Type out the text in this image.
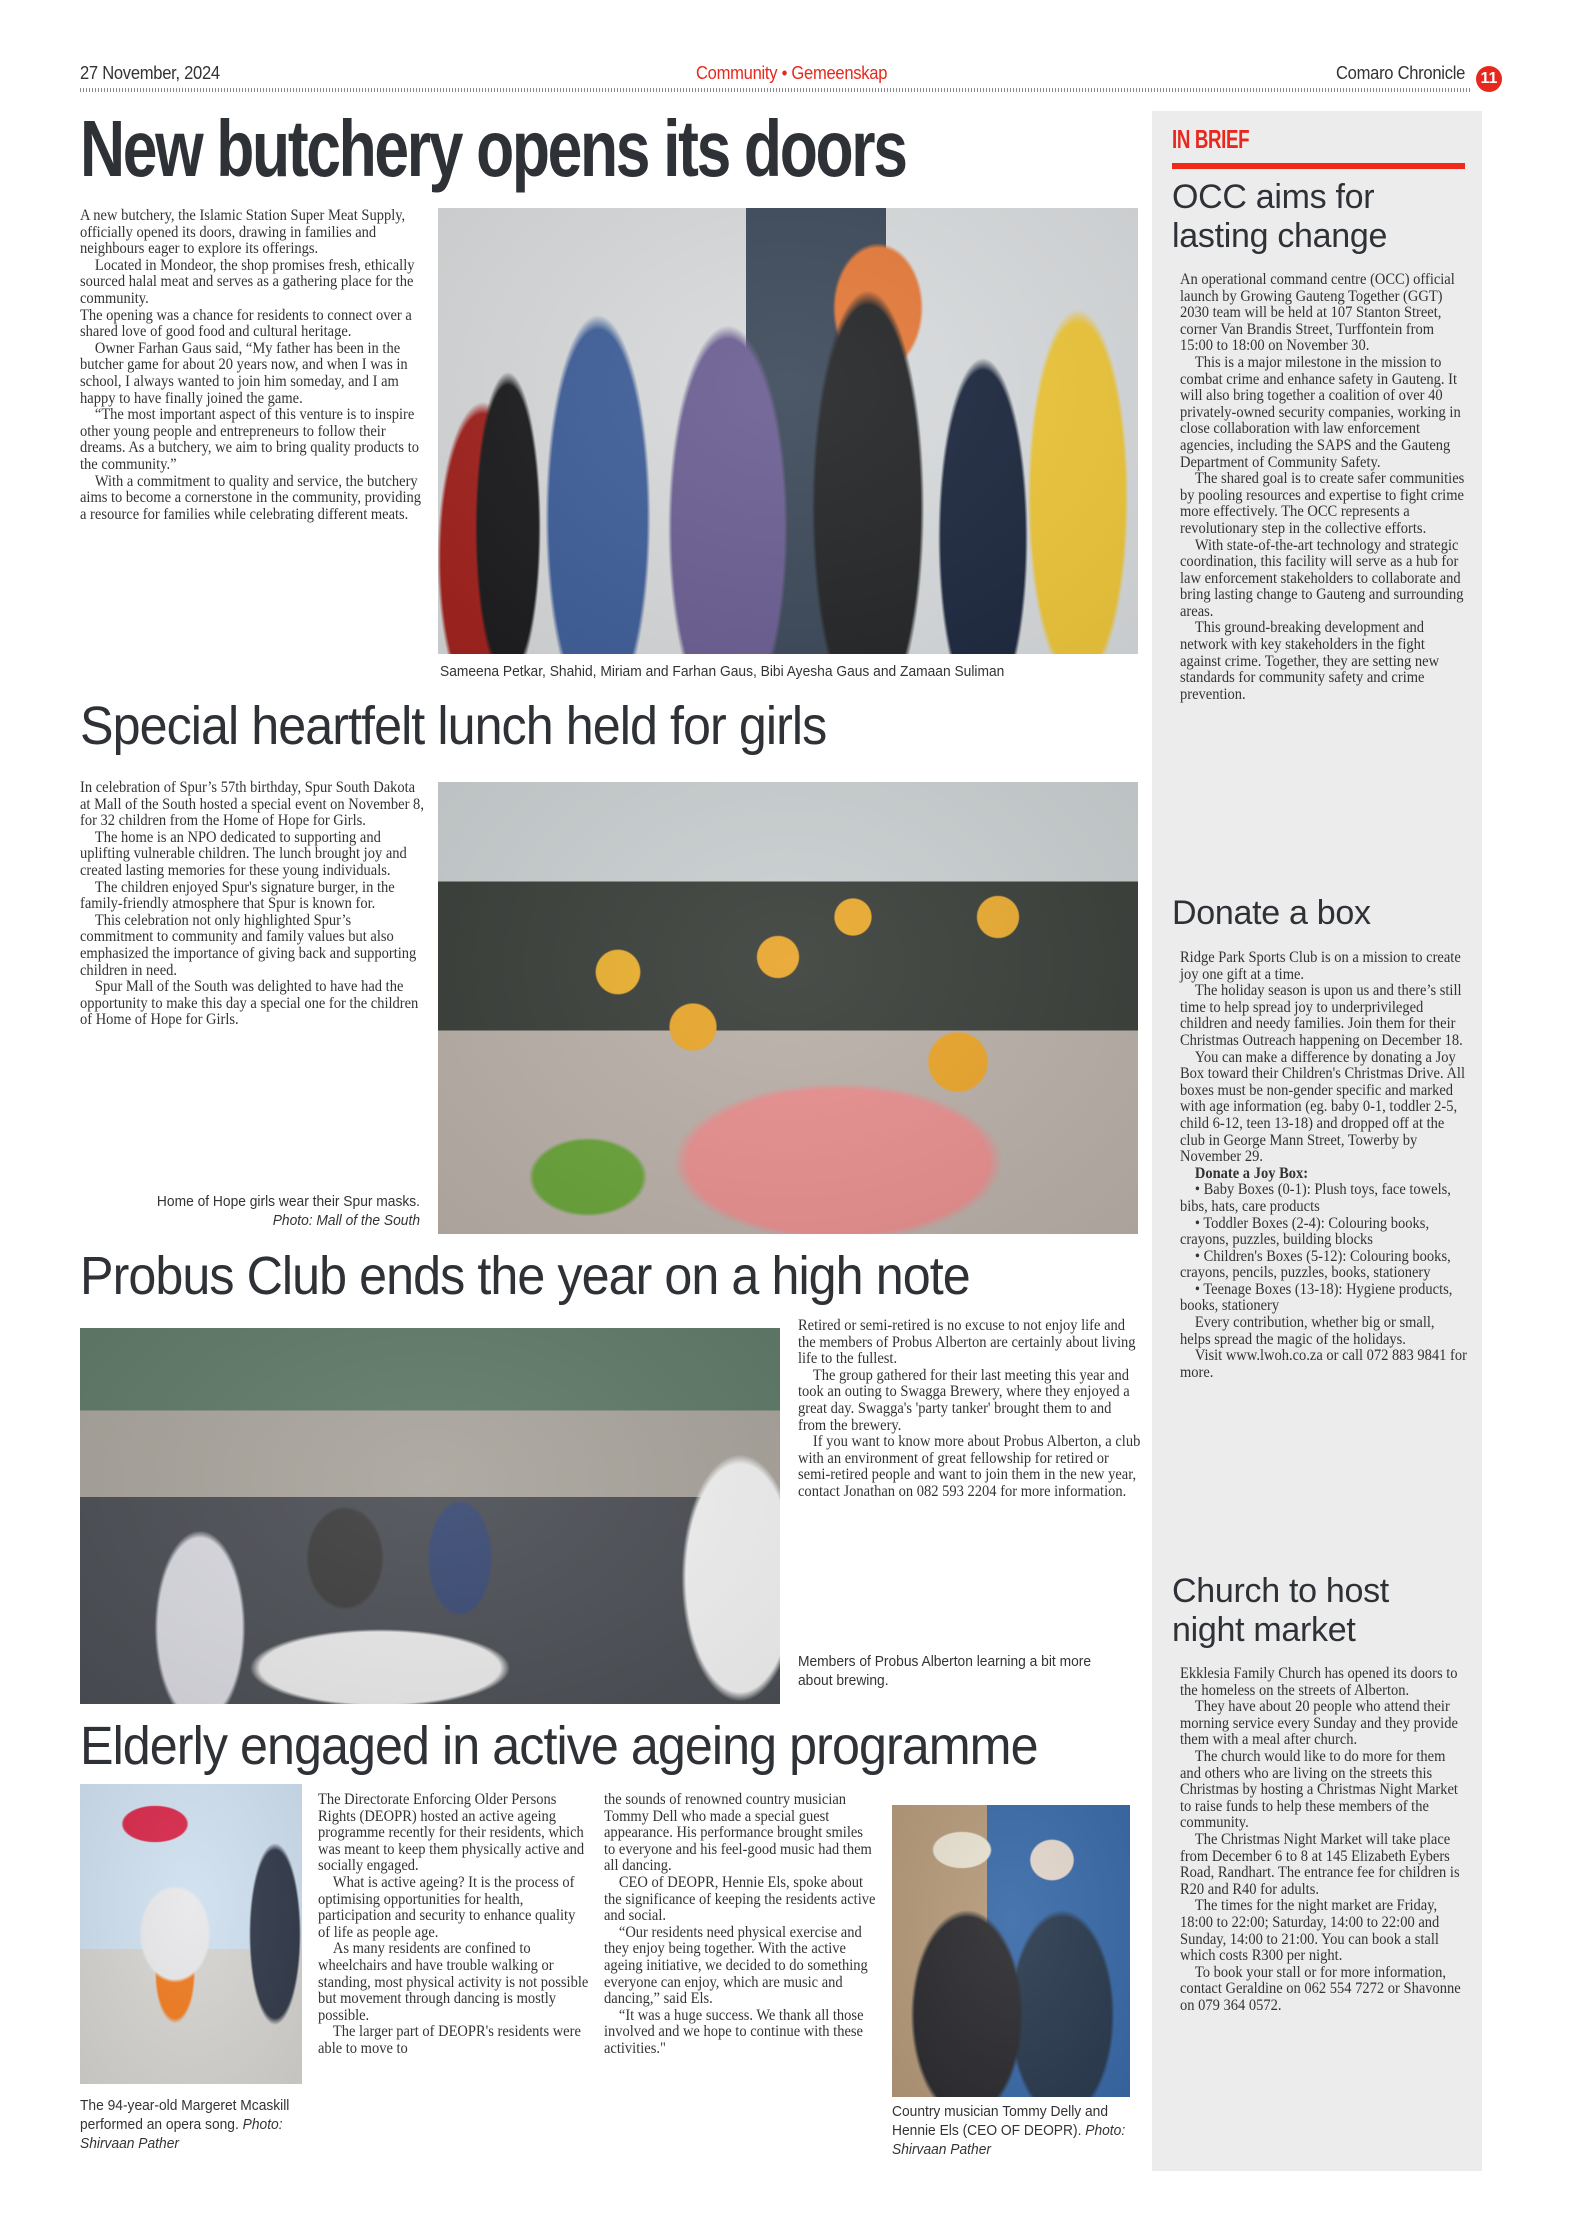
27 November, 2024	Community • Gemeenskap	Comaro Chronicle 11
New butchery opens its doors

A new butchery, the Islamic Station Super Meat Supply, officially opened its doors, drawing in families and neighbours eager to explore its offerings.

Located in Mondeor, the shop promises fresh, ethically sourced halal meat and serves as a gathering place for the community.

The opening was a chance for residents to connect over a shared love of good food and cultural heritage.

Owner Farhan Gaus said, “My father has been in the butcher game for about 20 years now, and when I was in school, I always wanted to join him someday, and I am happy to have finally joined the game.

“The most important aspect of this venture is to inspire other young people and entrepreneurs to follow their dreams. As a butchery, we aim to bring quality products to the community.”

With a commitment to quality and service, the butchery aims to become a cornerstone in the community, providing a resource for families while celebrating different meats.

Sameena Petkar, Shahid, Miriam and Farhan Gaus, Bibi Ayesha Gaus and Zamaan Suliman
Special heartfelt lunch held for girls

In celebration of Spur’s 57th birthday, Spur South Dakota at Mall of the South hosted a special event on November 8, for 32 children from the Home of Hope for Girls.

The home is an NPO dedicated to supporting and uplifting vulnerable children. The lunch brought joy and created lasting memories for these young individuals.

The children enjoyed Spur's signature burger, in the family-friendly atmosphere that Spur is known for.

This celebration not only highlighted Spur’s commitment to community and family values but also emphasized the importance of giving back and supporting children in need.

Spur Mall of the South was delighted to have had the opportunity to make this day a special one for the children of Home of Hope for Girls.

Home of Hope girls wear their Spur masks.
Photo: Mall of the South
Probus Club ends the year on a high note

Retired or semi-retired is no excuse to not enjoy life and the members of Probus Alberton are certainly about living life to the fullest.

The group gathered for their last meeting this year and took an outing to Swagga Brewery, where they enjoyed a great day. Swagga's 'party tanker' brought them to and from the brewery.

If you want to know more about Probus Alberton, a club with an environment of great fellowship for retired or semi-retired people and want to join them in the new year, contact Jonathan on 082 593 2204 for more information.

Members of Probus Alberton learning a bit more about brewing.
Elderly engaged in active ageing programme
The 94-year-old Margeret Mcaskill performed an opera song. Photo: Shirvaan Pather

The Directorate Enforcing Older Persons Rights (DEOPR) hosted an active ageing programme recently for their residents, which was meant to keep them physically active and socially engaged.

What is active ageing? It is the process of optimising opportunities for health, participation and security to enhance quality of life as people age.

As many residents are confined to wheelchairs and have trouble walking or standing, most physical activity is not possible but movement through dancing is mostly possible.

The larger part of DEOPR's residents were able to move to

the sounds of renowned country musician Tommy Dell who made a special guest appearance. His performance brought smiles to everyone and his feel-good music had them all dancing.

CEO of DEOPR, Hennie Els, spoke about the significance of keeping the residents active and social.

“Our residents need physical exercise and they enjoy being together. With the active ageing initiative, we decided to do something everyone can enjoy, which are music and dancing,” said Els.

“It was a huge success. We thank all those involved and we hope to continue with these activities."

Country musician Tommy Delly and Hennie Els (CEO OF DEOPR). Photo: Shirvaan Pather
IN BRIEF
OCC aims for
lasting change

An operational command centre (OCC) official launch by Growing Gauteng Together (GGT) 2030 team will be held at 107 Stanton Street, corner Van Brandis Street, Turffontein from 15:00 to 18:00 on November 30.

This is a major milestone in the mission to combat crime and enhance safety in Gauteng. It will also bring together a coalition of over 40 privately-owned security companies, working in close collaboration with law enforcement agencies, including the SAPS and the Gauteng Department of Community Safety.

The shared goal is to create safer communities by pooling resources and expertise to fight crime more effectively. The OCC represents a revolutionary step in the collective efforts.

With state-of-the-art technology and strategic coordination, this facility will serve as a hub for law enforcement stakeholders to collaborate and bring lasting change to Gauteng and surrounding areas.

This ground-breaking development and network with key stakeholders in the fight against crime. Together, they are setting new standards for community safety and crime prevention.

Donate a box

Ridge Park Sports Club is on a mission to create joy one gift at a time.

The holiday season is upon us and there’s still time to help spread joy to underprivileged children and needy families. Join them for their Christmas Outreach happening on December 18.

You can make a difference by donating a Joy Box toward their Children's Christmas Drive. All boxes must be non-gender specific and marked with age information (eg. baby 0-1, toddler 2-5, child 6-12, teen 13-18) and dropped off at the club in George Mann Street, Towerby by November 29.

Donate a Joy Box:

• Baby Boxes (0-1): Plush toys, face towels, bibs, hats, care products

• Toddler Boxes (2-4): Colouring books, crayons, puzzles, building blocks

• Children's Boxes (5-12): Colouring books, crayons, pencils, puzzles, books, stationery

• Teenage Boxes (13-18): Hygiene products, books, stationery

Every contribution, whether big or small, helps spread the magic of the holidays.

Visit www.lwoh.co.za or call 072 883 9841 for more.

Church to host
night market

Ekklesia Family Church has opened its doors to the homeless on the streets of Alberton.

They have about 20 people who attend their morning service every Sunday and they provide them with a meal after church.

The church would like to do more for them and others who are living on the streets this Christmas by hosting a Christmas Night Market to raise funds to help these members of the community.

The Christmas Night Market will take place from December 6 to 8 at 145 Elizabeth Eybers Road, Randhart. The entrance fee for children is R20 and R40 for adults.

The times for the night market are Friday, 18:00 to 22:00; Saturday, 14:00 to 22:00 and Sunday, 14:00 to 21:00. You can book a stall which costs R300 per night.

To book your stall or for more information, contact Geraldine on 062 554 7272 or Shavonne on 079 364 0572.
